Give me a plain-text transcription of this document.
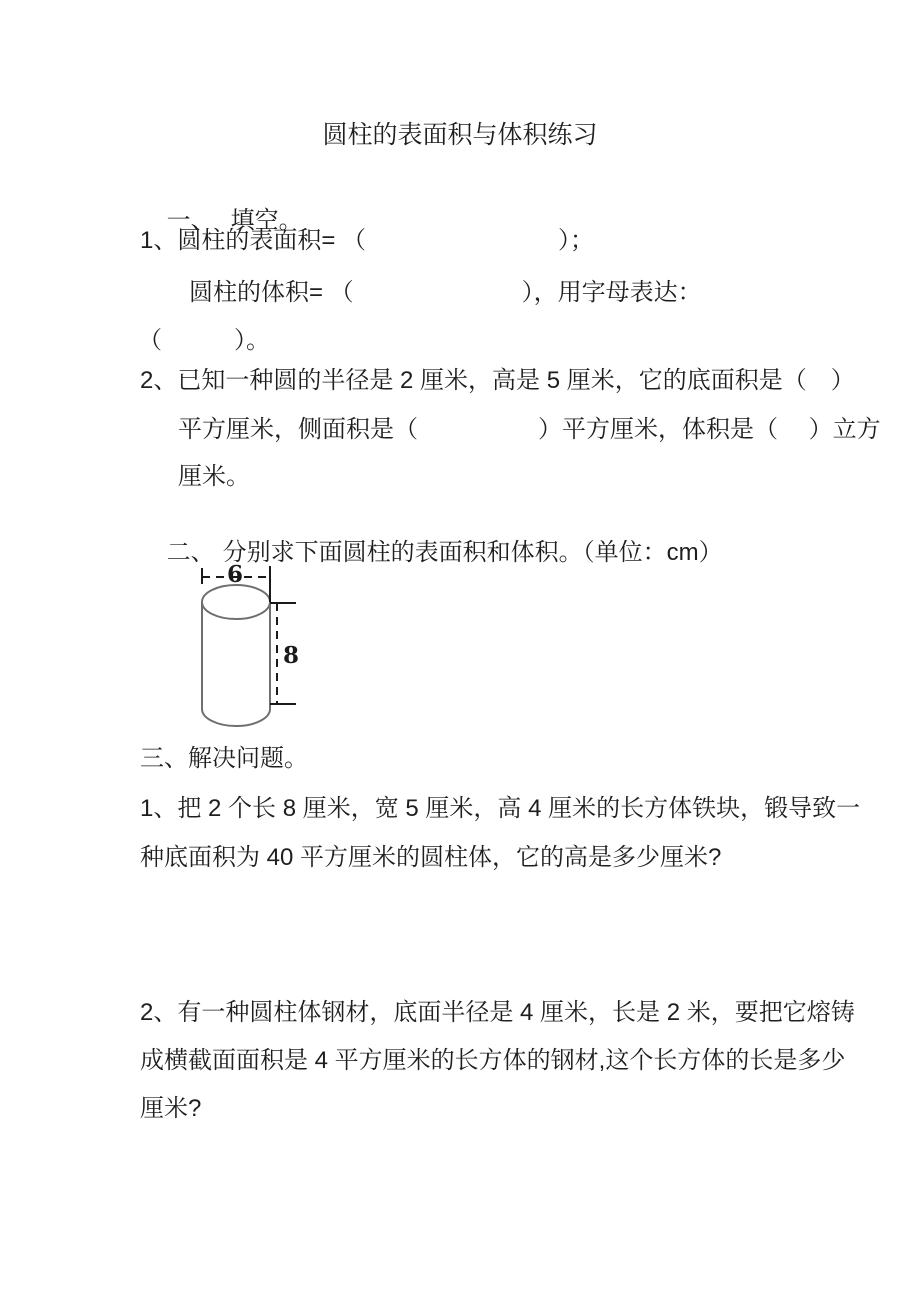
圆柱的表面积与体积练习

一、 填空。

1、圆柱的表面积= （　　　　　　　　）；
圆柱的体积= （　　　　　　　），用字母表达：
（　　　）。
2、已知一种圆的半径是 2 厘米，高是 5 厘米，它的底面积是（　）
平方厘米，侧面积是（　　　　　）平方厘米，体积是（　 ）立方
厘米。

二、 分别求下面圆柱的表面积和体积。（单位：cm）

6
8
三、解决问题。
1、把 2 个长 8 厘米，宽 5 厘米，高 4 厘米的长方体铁块，锻导致一
种底面积为 40 平方厘米的圆柱体，它的高是多少厘米?
2、有一种圆柱体钢材，底面半径是 4 厘米，长是 2 米，要把它熔铸
成横截面面积是 4 平方厘米的长方体的钢材,这个长方体的长是多少
厘米?
